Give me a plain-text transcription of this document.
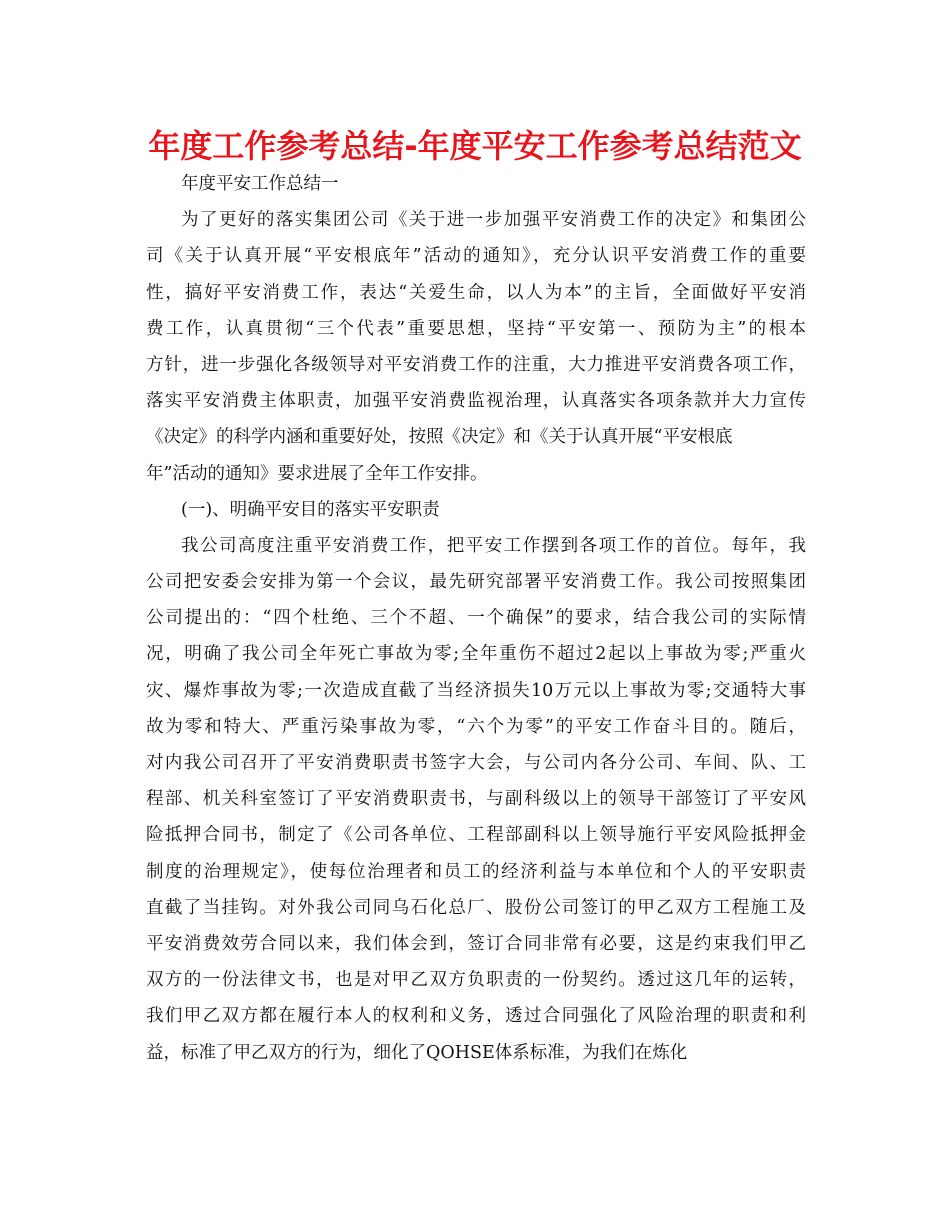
年度工作参考总结-年度平安工作参考总结范文
年度平安工作总结一
为了更好的落实集团公司《关于进一步加强平安消费工作的决定》和集团公
司《关于认真开展“平安根底年”活动的通知》，充分认识平安消费工作的重要
性，搞好平安消费工作，表达“关爱生命，以人为本”的主旨，全面做好平安消
费工作，认真贯彻“三个代表”重要思想，坚持“平安第一、预防为主”的根本
方针，进一步强化各级领导对平安消费工作的注重，大力推进平安消费各项工作，
落实平安消费主体职责，加强平安消费监视治理，认真落实各项条款并大力宣传
《决定》的科学内涵和重要好处，按照《决定》和《关于认真开展“平安根底
年”活动的通知》要求进展了全年工作安排。
(一)、明确平安目的落实平安职责
我公司高度注重平安消费工作，把平安工作摆到各项工作的首位。每年，我
公司把安委会安排为第一个会议，最先研究部署平安消费工作。我公司按照集团
公司提出的：“四个杜绝、三个不超、一个确保”的要求，结合我公司的实际情
况，明确了我公司全年死亡事故为零;全年重伤不超过2起以上事故为零;严重火
灾、爆炸事故为零;一次造成直截了当经济损失10万元以上事故为零;交通特大事
故为零和特大、严重污染事故为零，“六个为零”的平安工作奋斗目的。随后，
对内我公司召开了平安消费职责书签字大会，与公司内各分公司、车间、队、工
程部、机关科室签订了平安消费职责书，与副科级以上的领导干部签订了平安风
险抵押合同书，制定了《公司各单位、工程部副科以上领导施行平安风险抵押金
制度的治理规定》，使每位治理者和员工的经济利益与本单位和个人的平安职责
直截了当挂钩。对外我公司同乌石化总厂、股份公司签订的甲乙双方工程施工及
平安消费效劳合同以来，我们体会到，签订合同非常有必要，这是约束我们甲乙
双方的一份法律文书，也是对甲乙双方负职责的一份契约。透过这几年的运转，
我们甲乙双方都在履行本人的权利和义务，透过合同强化了风险治理的职责和利
益，标准了甲乙双方的行为，细化了QOHSE体系标准，为我们在炼化
